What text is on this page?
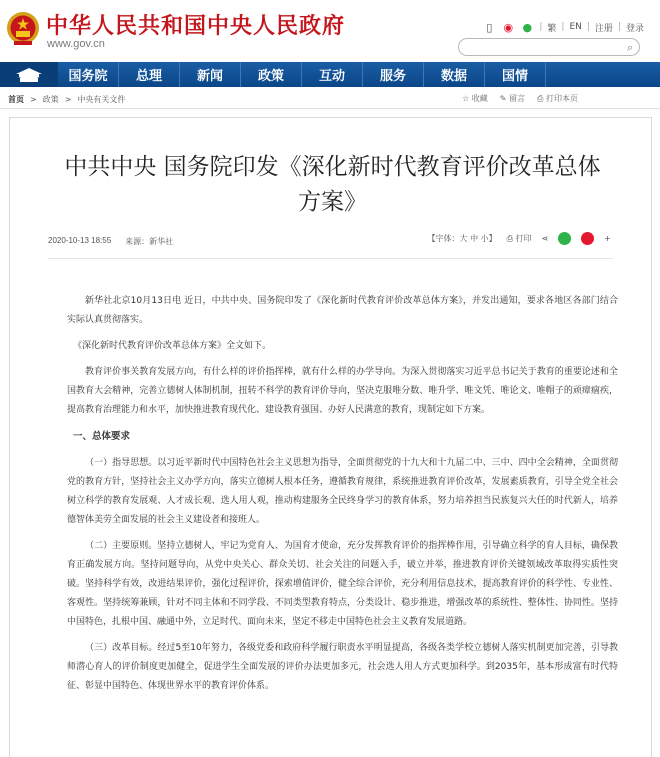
中华人民共和国中央人民政府
www.gov.cn
▯	◉ ● | 繁 | EN | 注册 | 登录
⌕
国务院	总理	新闻	政策	互动	服务	数据	国情
首页 > 政策 > 中央有关文件	☆ 收藏 ✎ 留言 ⎙ 打印本页
中共中央 国务院印发《深化新时代教育评价改革总体
方案》
2020-10-13 18:55 来源：新华社	【字体：大 中 小】 ⎙ 打印 ⋖	+

新华社北京10月13日电 近日，中共中央、国务院印发了《深化新时代教育评价改革总体方案》，并发出通知，要求各地区各部门结合实际认真贯彻落实。

《深化新时代教育评价改革总体方案》全文如下。

教育评价事关教育发展方向，有什么样的评价指挥棒，就有什么样的办学导向。为深入贯彻落实习近平总书记关于教育的重要论述和全国教育大会精神，完善立德树人体制机制，扭转不科学的教育评价导向，坚决克服唯分数、唯升学、唯文凭、唯论文、唯帽子的顽瘴痼疾，提高教育治理能力和水平，加快推进教育现代化、建设教育强国、办好人民满意的教育，现制定如下方案。

一、总体要求

（一）指导思想。以习近平新时代中国特色社会主义思想为指导，全面贯彻党的十九大和十九届二中、三中、四中全会精神，全面贯彻党的教育方针，坚持社会主义办学方向，落实立德树人根本任务，遵循教育规律，系统推进教育评价改革，发展素质教育，引导全党全社会树立科学的教育发展观、人才成长观、选人用人观，推动构建服务全民终身学习的教育体系，努力培养担当民族复兴大任的时代新人，培养德智体美劳全面发展的社会主义建设者和接班人。

（二）主要原则。坚持立德树人，牢记为党育人、为国育才使命，充分发挥教育评价的指挥棒作用，引导确立科学的育人目标，确保教育正确发展方向。坚持问题导向，从党中央关心、群众关切、社会关注的问题入手，破立并举，推进教育评价关键领域改革取得实质性突破。坚持科学有效，改进结果评价，强化过程评价，探索增值评价，健全综合评价，充分利用信息技术，提高教育评价的科学性、专业性、客观性。坚持统筹兼顾，针对不同主体和不同学段、不同类型教育特点，分类设计、稳步推进，增强改革的系统性、整体性、协同性。坚持中国特色，扎根中国、融通中外，立足时代、面向未来，坚定不移走中国特色社会主义教育发展道路。

（三）改革目标。经过5至10年努力，各级党委和政府科学履行职责水平明显提高，各级各类学校立德树人落实机制更加完善，引导教师潜心育人的评价制度更加健全，促进学生全面发展的评价办法更加多元，社会选人用人方式更加科学。到2035年，基本形成富有时代特征、彰显中国特色、体现世界水平的教育评价体系。
